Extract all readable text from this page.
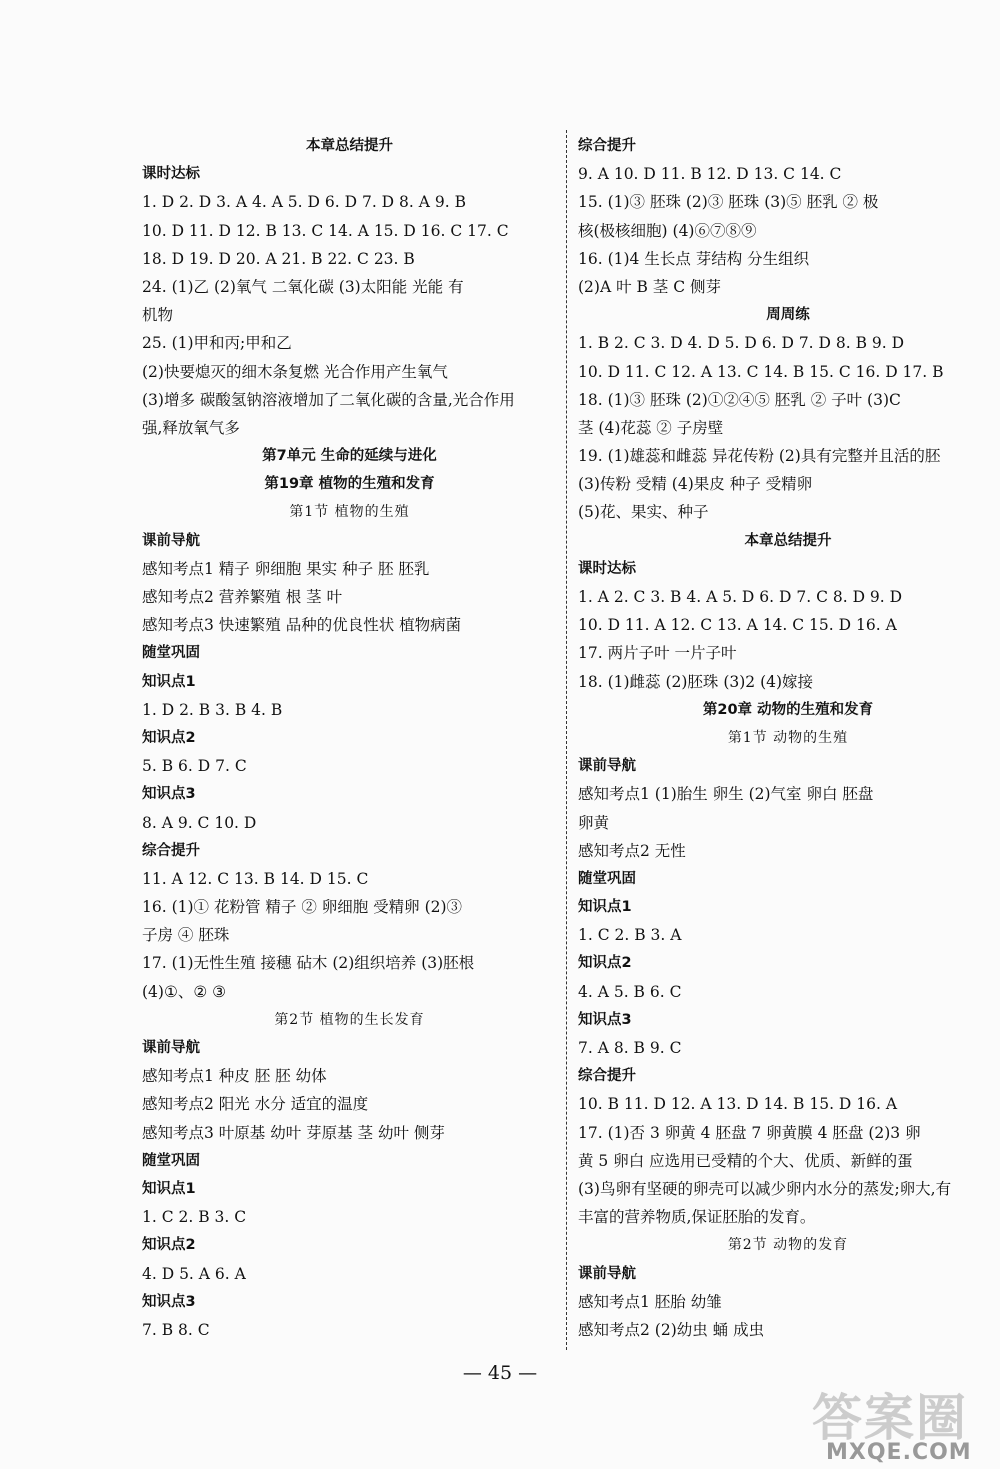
本章总结提升
课时达标
1. D 2. D 3. A 4. A 5. D 6. D 7. D 8. A 9. B
10. D 11. D 12. B 13. C 14. A 15. D 16. C 17. C
18. D 19. D 20. A 21. B 22. C 23. B
24. (1)乙 (2)氧气 二氧化碳 (3)太阳能 光能 有
机物
25. (1)甲和丙;甲和乙
(2)快要熄灭的细木条复燃 光合作用产生氧气
(3)增多 碳酸氢钠溶液增加了二氧化碳的含量,光合作用
强,释放氧气多
第7单元 生命的延续与进化
第19章 植物的生殖和发育
第1节 植物的生殖
课前导航
感知考点1 精子 卵细胞 果实 种子 胚 胚乳
感知考点2 营养繁殖 根 茎 叶
感知考点3 快速繁殖 品种的优良性状 植物病菌
随堂巩固
知识点1
1. D 2. B 3. B 4. B
知识点2
5. B 6. D 7. C
知识点3
8. A 9. C 10. D
综合提升
11. A 12. C 13. B 14. D 15. C
16. (1)① 花粉管 精子 ② 卵细胞 受精卵 (2)③
子房 ④ 胚珠
17. (1)无性生殖 接穗 砧木 (2)组织培养 (3)胚根
(4)①、② ③
第2节 植物的生长发育
课前导航
感知考点1 种皮 胚 胚 幼体
感知考点2 阳光 水分 适宜的温度
感知考点3 叶原基 幼叶 芽原基 茎 幼叶 侧芽
随堂巩固
知识点1
1. C 2. B 3. C
知识点2
4. D 5. A 6. A
知识点3
7. B 8. C
综合提升
9. A 10. D 11. B 12. D 13. C 14. C
15. (1)③ 胚珠 (2)③ 胚珠 (3)⑤ 胚乳 ② 极
核(极核细胞) (4)⑥⑦⑧⑨
16. (1)4 生长点 芽结构 分生组织
(2)A 叶 B 茎 C 侧芽
周周练
1. B 2. C 3. D 4. D 5. D 6. D 7. D 8. B 9. D
10. D 11. C 12. A 13. C 14. B 15. C 16. D 17. B
18. (1)③ 胚珠 (2)①②④⑤ 胚乳 ② 子叶 (3)C
茎 (4)花蕊 ② 子房壁
19. (1)雄蕊和雌蕊 异花传粉 (2)具有完整并且活的胚
(3)传粉 受精 (4)果皮 种子 受精卵
(5)花、果实、种子
本章总结提升
课时达标
1. A 2. C 3. B 4. A 5. D 6. D 7. C 8. D 9. D
10. D 11. A 12. C 13. A 14. C 15. D 16. A
17. 两片子叶 一片子叶
18. (1)雌蕊 (2)胚珠 (3)2 (4)嫁接
第20章 动物的生殖和发育
第1节 动物的生殖
课前导航
感知考点1 (1)胎生 卵生 (2)气室 卵白 胚盘
卵黄
感知考点2 无性
随堂巩固
知识点1
1. C 2. B 3. A
知识点2
4. A 5. B 6. C
知识点3
7. A 8. B 9. C
综合提升
10. B 11. D 12. A 13. D 14. B 15. D 16. A
17. (1)否 3 卵黄 4 胚盘 7 卵黄膜 4 胚盘 (2)3 卵
黄 5 卵白 应选用已受精的个大、优质、新鲜的蛋
(3)鸟卵有坚硬的卵壳可以减少卵内水分的蒸发;卵大,有
丰富的营养物质,保证胚胎的发育。
第2节 动物的发育
课前导航
感知考点1 胚胎 幼雏
感知考点2 (2)幼虫 蛹 成虫
— 45 —
答案圈
MXQE.COM
